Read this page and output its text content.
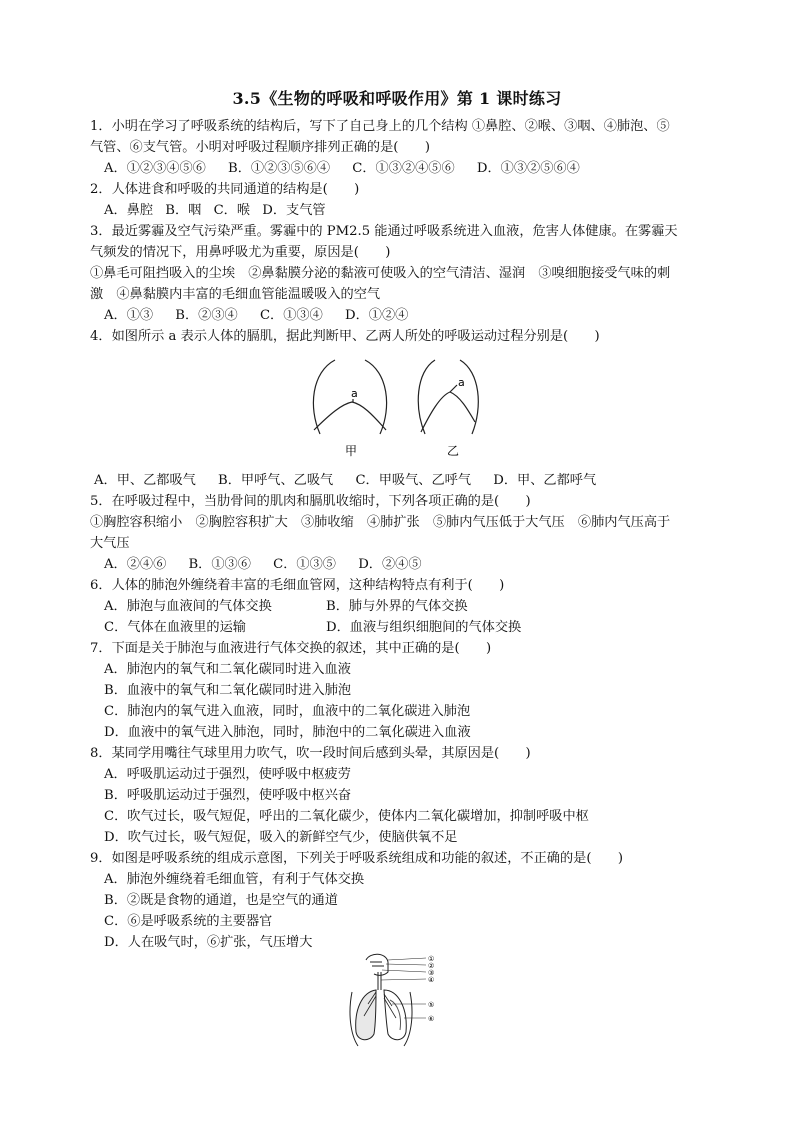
3.5《生物的呼吸和呼吸作用》第 1 课时练习
1．小明在学习了呼吸系统的结构后，写下了自己身上的几个结构 ①鼻腔、②喉、③咽、④肺泡、⑤
气管、⑥支气管。小明对呼吸过程顺序排列正确的是(　　)
A．①②③④⑤⑥ B．①②③⑤⑥④ C．①③②④⑤⑥ D．①③②⑤⑥④
2．人体进食和呼吸的共同通道的结构是(　　)
A．鼻腔 B．咽 C．喉 D．支气管
3．最近雾霾及空气污染严重。雾霾中的 PM2.5 能通过呼吸系统进入血液，危害人体健康。在雾霾天
气频发的情况下，用鼻呼吸尤为重要，原因是(　　)
①鼻毛可阻挡吸入的尘埃　②鼻黏膜分泌的黏液可使吸入的空气清洁、湿润　③嗅细胞接受气味的刺
激　④鼻黏膜内丰富的毛细血管能温暖吸入的空气
A．①③ B．②③④ C．①③④ D．①②④
4．如图所示 a 表示人体的膈肌，据此判断甲、乙两人所处的呼吸运动过程分别是(　　)
a
a
甲	乙
A．甲、乙都吸气 B．甲呼气、乙吸气 C．甲吸气、乙呼气 D．甲、乙都呼气
5．在呼吸过程中，当肋骨间的肌肉和膈肌收缩时，下列各项正确的是(　　)
①胸腔容积缩小　②胸腔容积扩大　③肺收缩　④肺扩张　⑤肺内气压低于大气压　⑥肺内气压高于
大气压
A．②④⑥ B．①③⑥ C．①③⑤ D．②④⑤
6．人体的肺泡外缠绕着丰富的毛细血管网，这种结构特点有利于(　　)
A．肺泡与血液间的气体交换	B．肺与外界的气体交换
C．气体在血液里的运输	D．血液与组织细胞间的气体交换
7．下面是关于肺泡与血液进行气体交换的叙述，其中正确的是(　　)
A．肺泡内的氧气和二氧化碳同时进入血液
B．血液中的氧气和二氧化碳同时进入肺泡
C．肺泡内的氧气进入血液，同时，血液中的二氧化碳进入肺泡
D．血液中的氧气进入肺泡，同时，肺泡中的二氧化碳进入血液
8．某同学用嘴往气球里用力吹气，吹一段时间后感到头晕，其原因是(　　)
A．呼吸肌运动过于强烈，使呼吸中枢疲劳
B．呼吸肌运动过于强烈，使呼吸中枢兴奋
C．吹气过长，吸气短促，呼出的二氧化碳少，使体内二氧化碳增加，抑制呼吸中枢
D．吹气过长，吸气短促，吸入的新鲜空气少，使脑供氧不足
9．如图是呼吸系统的组成示意图，下列关于呼吸系统组成和功能的叙述，不正确的是(　　)
A．肺泡外缠绕着毛细血管，有利于气体交换
B．②既是食物的通道，也是空气的通道
C．⑥是呼吸系统的主要器官
D．人在吸气时，⑥扩张，气压增大
①
②
③
④
⑤
⑥
